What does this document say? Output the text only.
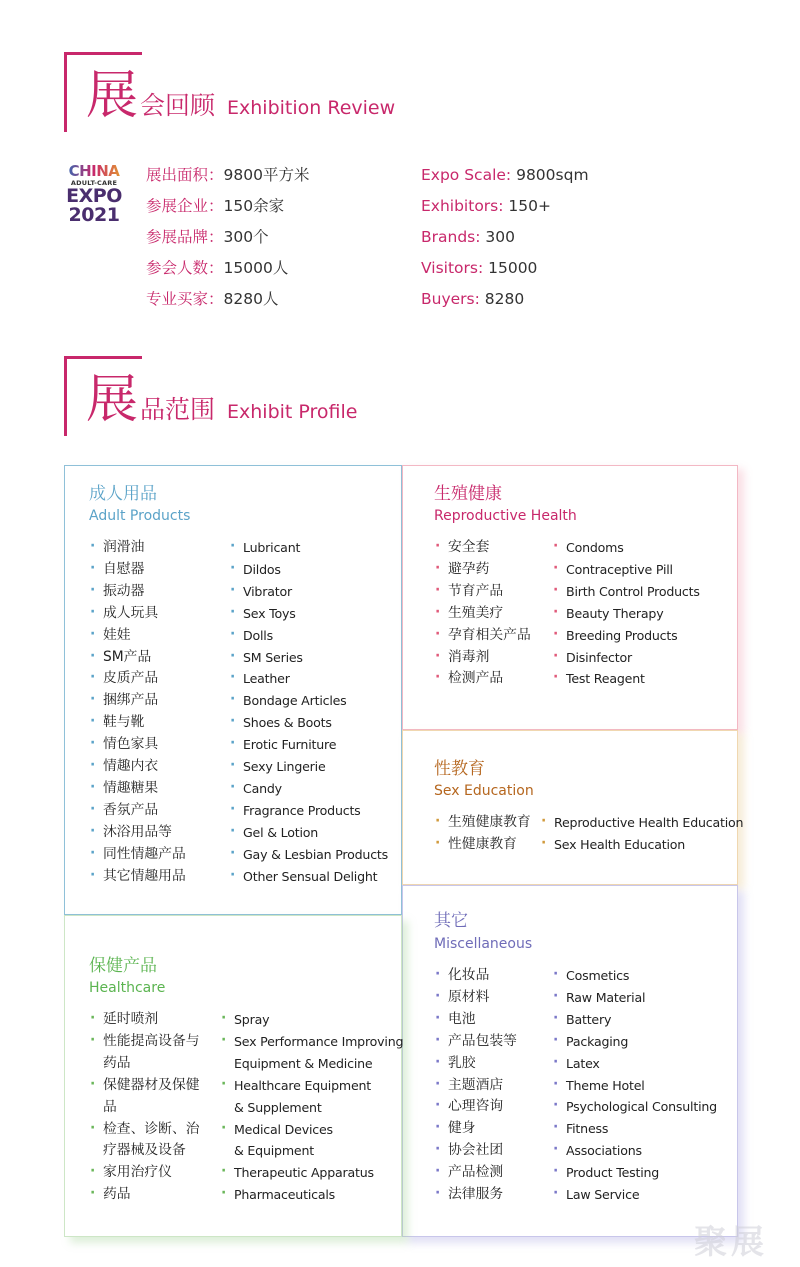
展 会回顾 Exhibition Review
CHINA
ADULT-CARE
EXPO
2021
展出面积：9800平方米
参展企业：150余家
参展品牌：300个
参会人数：15000人
专业买家：8280人
Expo Scale: 9800sqm
Exhibitors: 150+
Brands: 300
Visitors: 15000
Buyers: 8280
展 品范围 Exhibit Profile
成人用品
Adult Products
· 润滑油
· 自慰器
· 振动器
· 成人玩具
· 娃娃
· SM产品
· 皮质产品
· 捆绑产品
· 鞋与靴
· 情色家具
· 情趣内衣
· 情趣糖果
· 香氛产品
· 沐浴用品等
· 同性情趣产品
· 其它情趣用品
· Lubricant
· Dildos
· Vibrator
· Sex Toys
· Dolls
· SM Series
· Leather
· Bondage Articles
· Shoes & Boots
· Erotic Furniture
· Sexy Lingerie
· Candy
· Fragrance Products
· Gel & Lotion
· Gay & Lesbian Products
· Other Sensual Delight
生殖健康
Reproductive Health
· 安全套
· 避孕药
· 节育产品
· 生殖美疗
· 孕育相关产品
· 消毒剂
· 检测产品
· Condoms
· Contraceptive Pill
· Birth Control Products
· Beauty Therapy
· Breeding Products
· Disinfector
· Test Reagent
性教育
Sex Education
· 生殖健康教育
· 性健康教育
· Reproductive Health Education
· Sex Health Education
其它
Miscellaneous
· 化妆品
· 原材料
· 电池
· 产品包装等
· 乳胶
· 主题酒店
· 心理咨询
· 健身
· 协会社团
· 产品检测
· 法律服务
· Cosmetics
· Raw Material
· Battery
· Packaging
· Latex
· Theme Hotel
· Psychological Consulting
· Fitness
· Associations
· Product Testing
· Law Service
保健产品
Healthcare
· 延时喷剂
· 性能提高设备与
药品
· 保健器材及保健
品
· 检查、诊断、治
疗器械及设备
· 家用治疗仪
· 药品
· Spray
· Sex Performance Improving
Equipment & Medicine
· Healthcare Equipment
& Supplement
· Medical Devices
& Equipment
· Therapeutic Apparatus
· Pharmaceuticals
聚展
